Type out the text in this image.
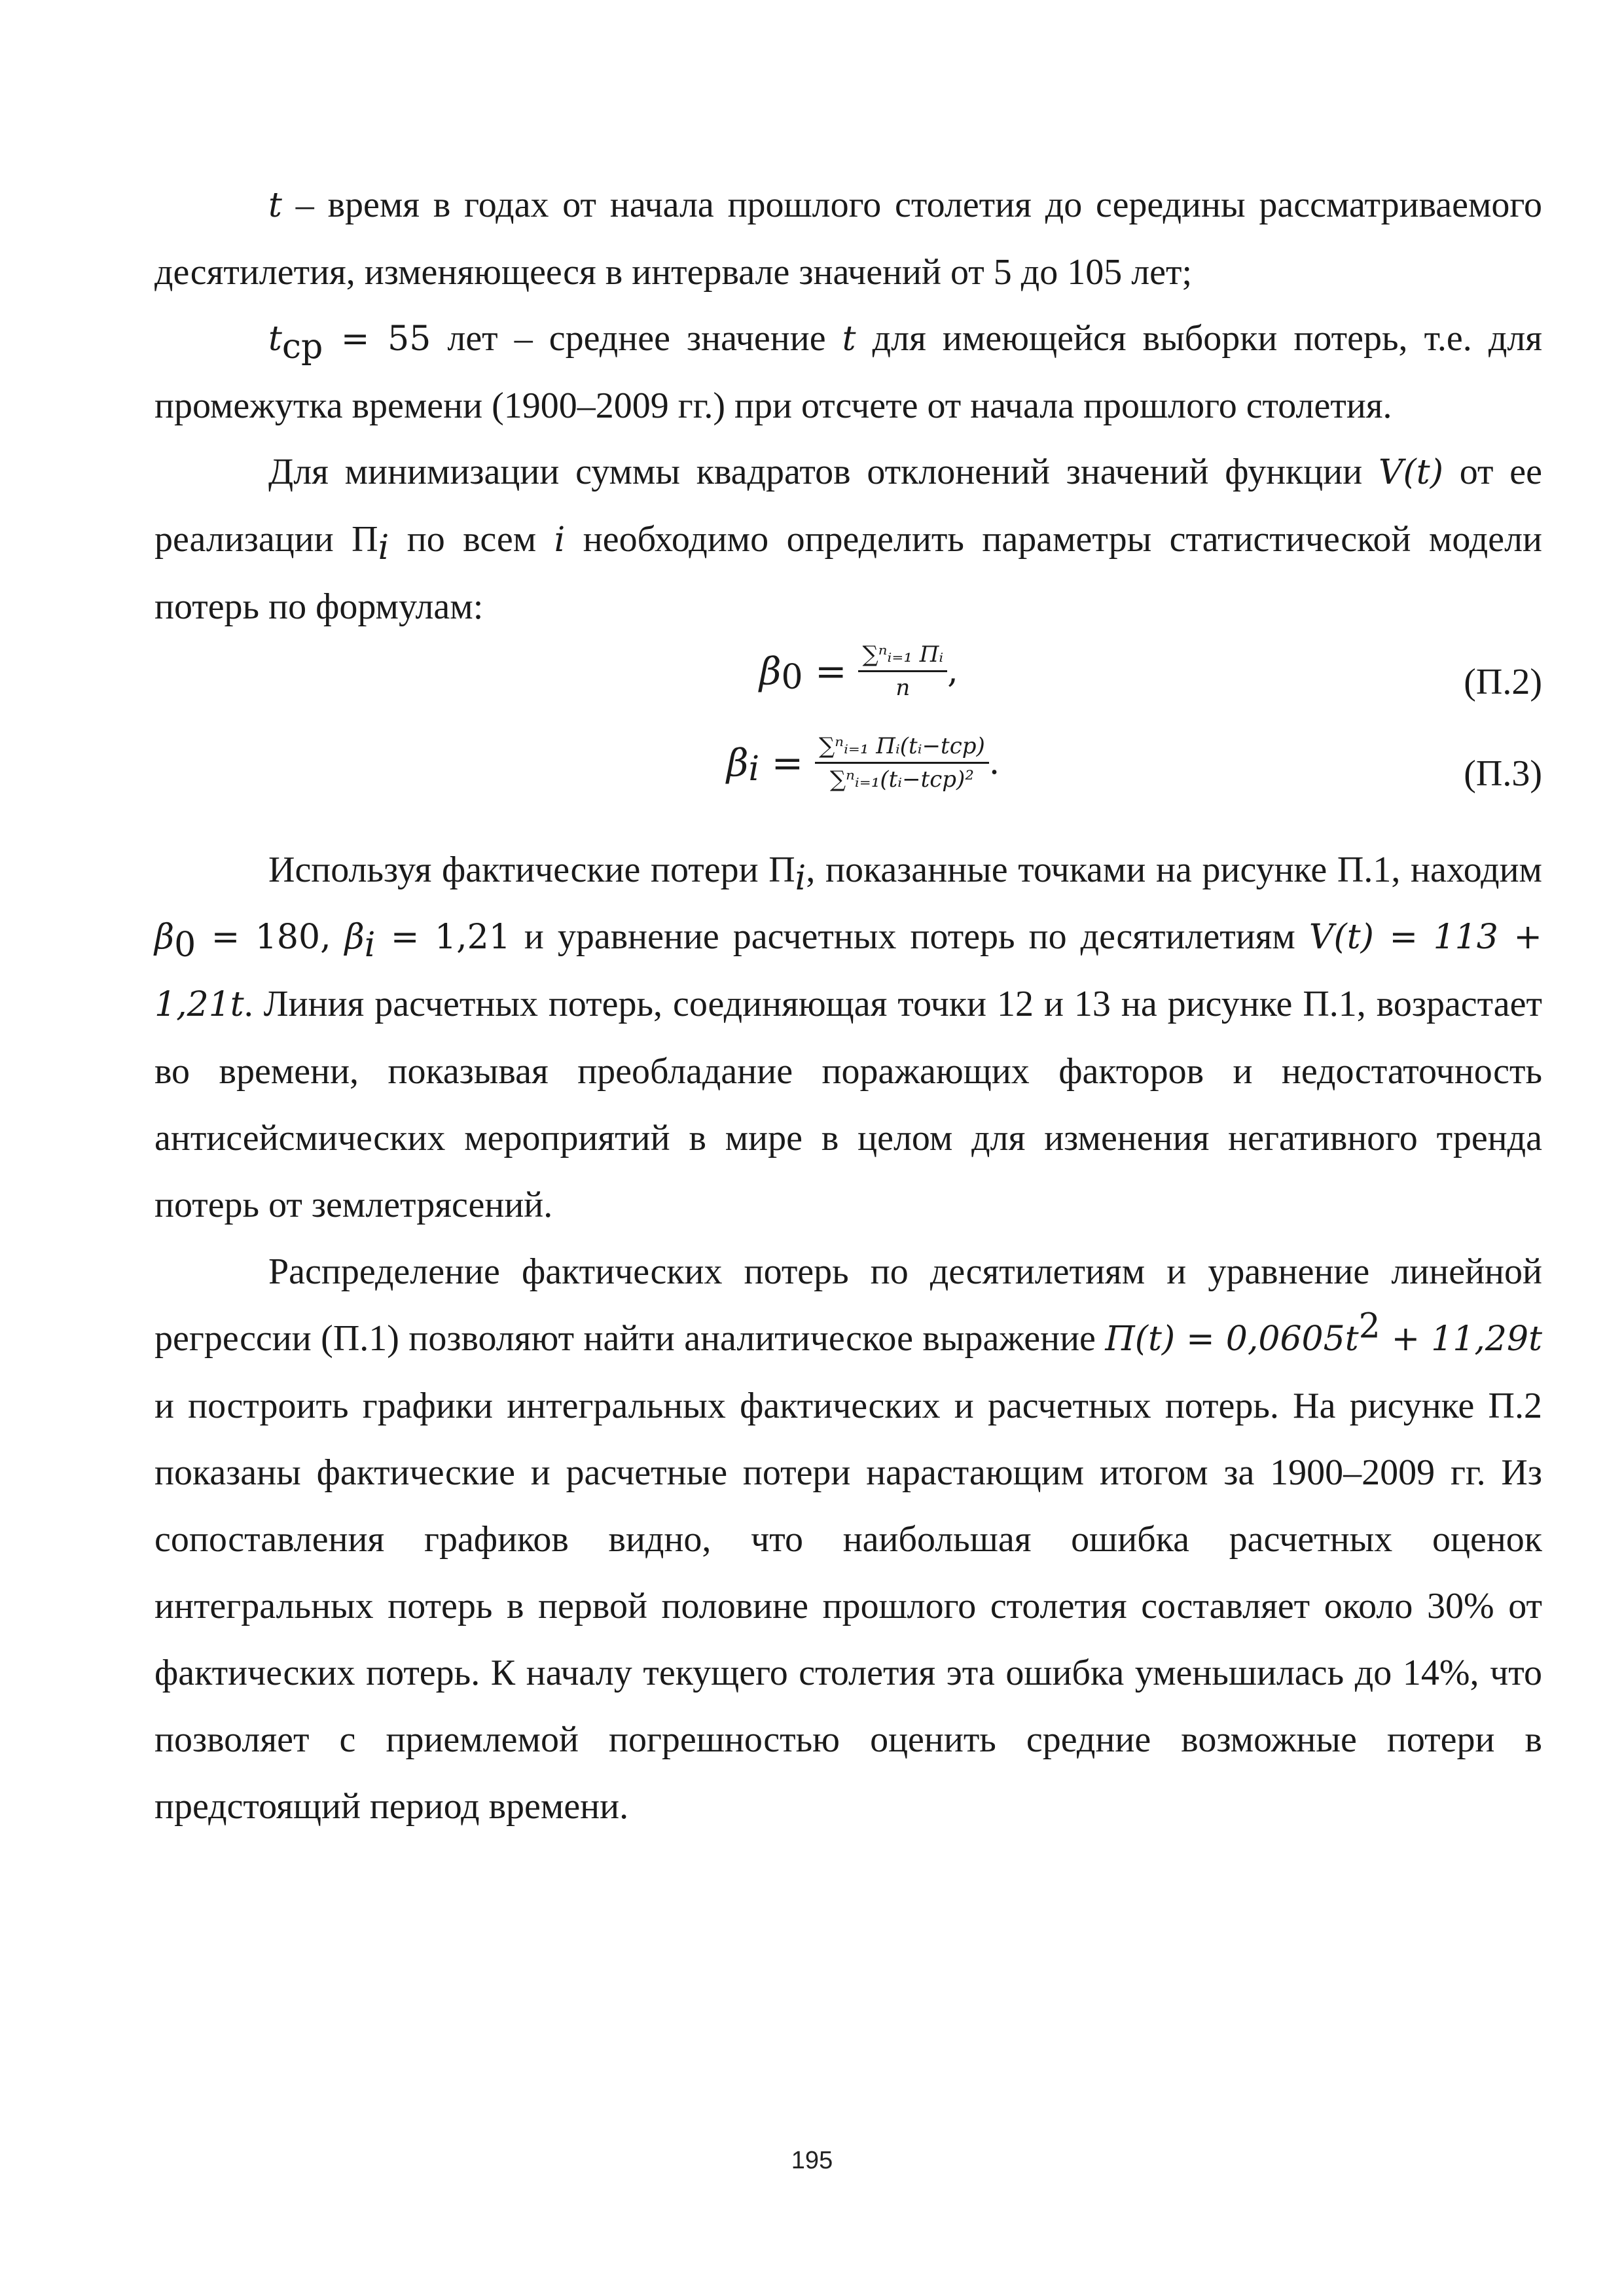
t – время в годах от начала прошлого столетия до середины рассматриваемого десятилетия, изменяющееся в интервале значений от 5 до 105 лет;
$t_{ср} = 55$ лет – среднее значение t для имеющейся выборки потерь, т.е. для промежутка времени (1900–2009 гг.) при отсчете от начала прошлого столетия.
Для минимизации суммы квадратов отклонений значений функции V(t) от ее реализации $П_i$ по всем i необходимо определить параметры статистической модели потерь по формулам:
$\beta_0 = \frac{\text{∑ⁿᵢ₌₁ Пᵢ}}{n}$ ,	(П.2)
$\beta_i = \frac{\text{∑ⁿᵢ₌₁ Пᵢ(tᵢ−tср)}}{\text{∑ⁿᵢ₌₁(tᵢ−tср)²}}$ .	(П.3)
Используя фактические потери $П_i$, показанные точками на рисунке П.1, находим $\beta_0 = 180$, $\beta_i = 1,21$ и уравнение расчетных потерь по десятилетиям V(t) = 113 + 1,21t. Линия расчетных потерь, соединяющая точки 12 и 13 на рисунке П.1, возрастает во времени, показывая преобладание поражающих факторов и недостаточность антисейсмических мероприятий в мире в целом для изменения негативного тренда потерь от землетрясений.
Распределение фактических потерь по десятилетиям и уравнение линейной регрессии (П.1) позволяют найти аналитическое выражение $П(t) = 0,0605t^2 + 11,29t$ и построить графики интегральных фактических и расчетных потерь. На рисунке П.2 показаны фактические и расчетные потери нарастающим итогом за 1900–2009 гг. Из сопоставления графиков видно, что наибольшая ошибка расчетных оценок интегральных потерь в первой половине прошлого столетия составляет около 30% от фактических потерь. К началу текущего столетия эта ошибка уменьшилась до 14%, что позволяет с приемлемой погрешностью оценить средние возможные потери в предстоящий период времени.
195
